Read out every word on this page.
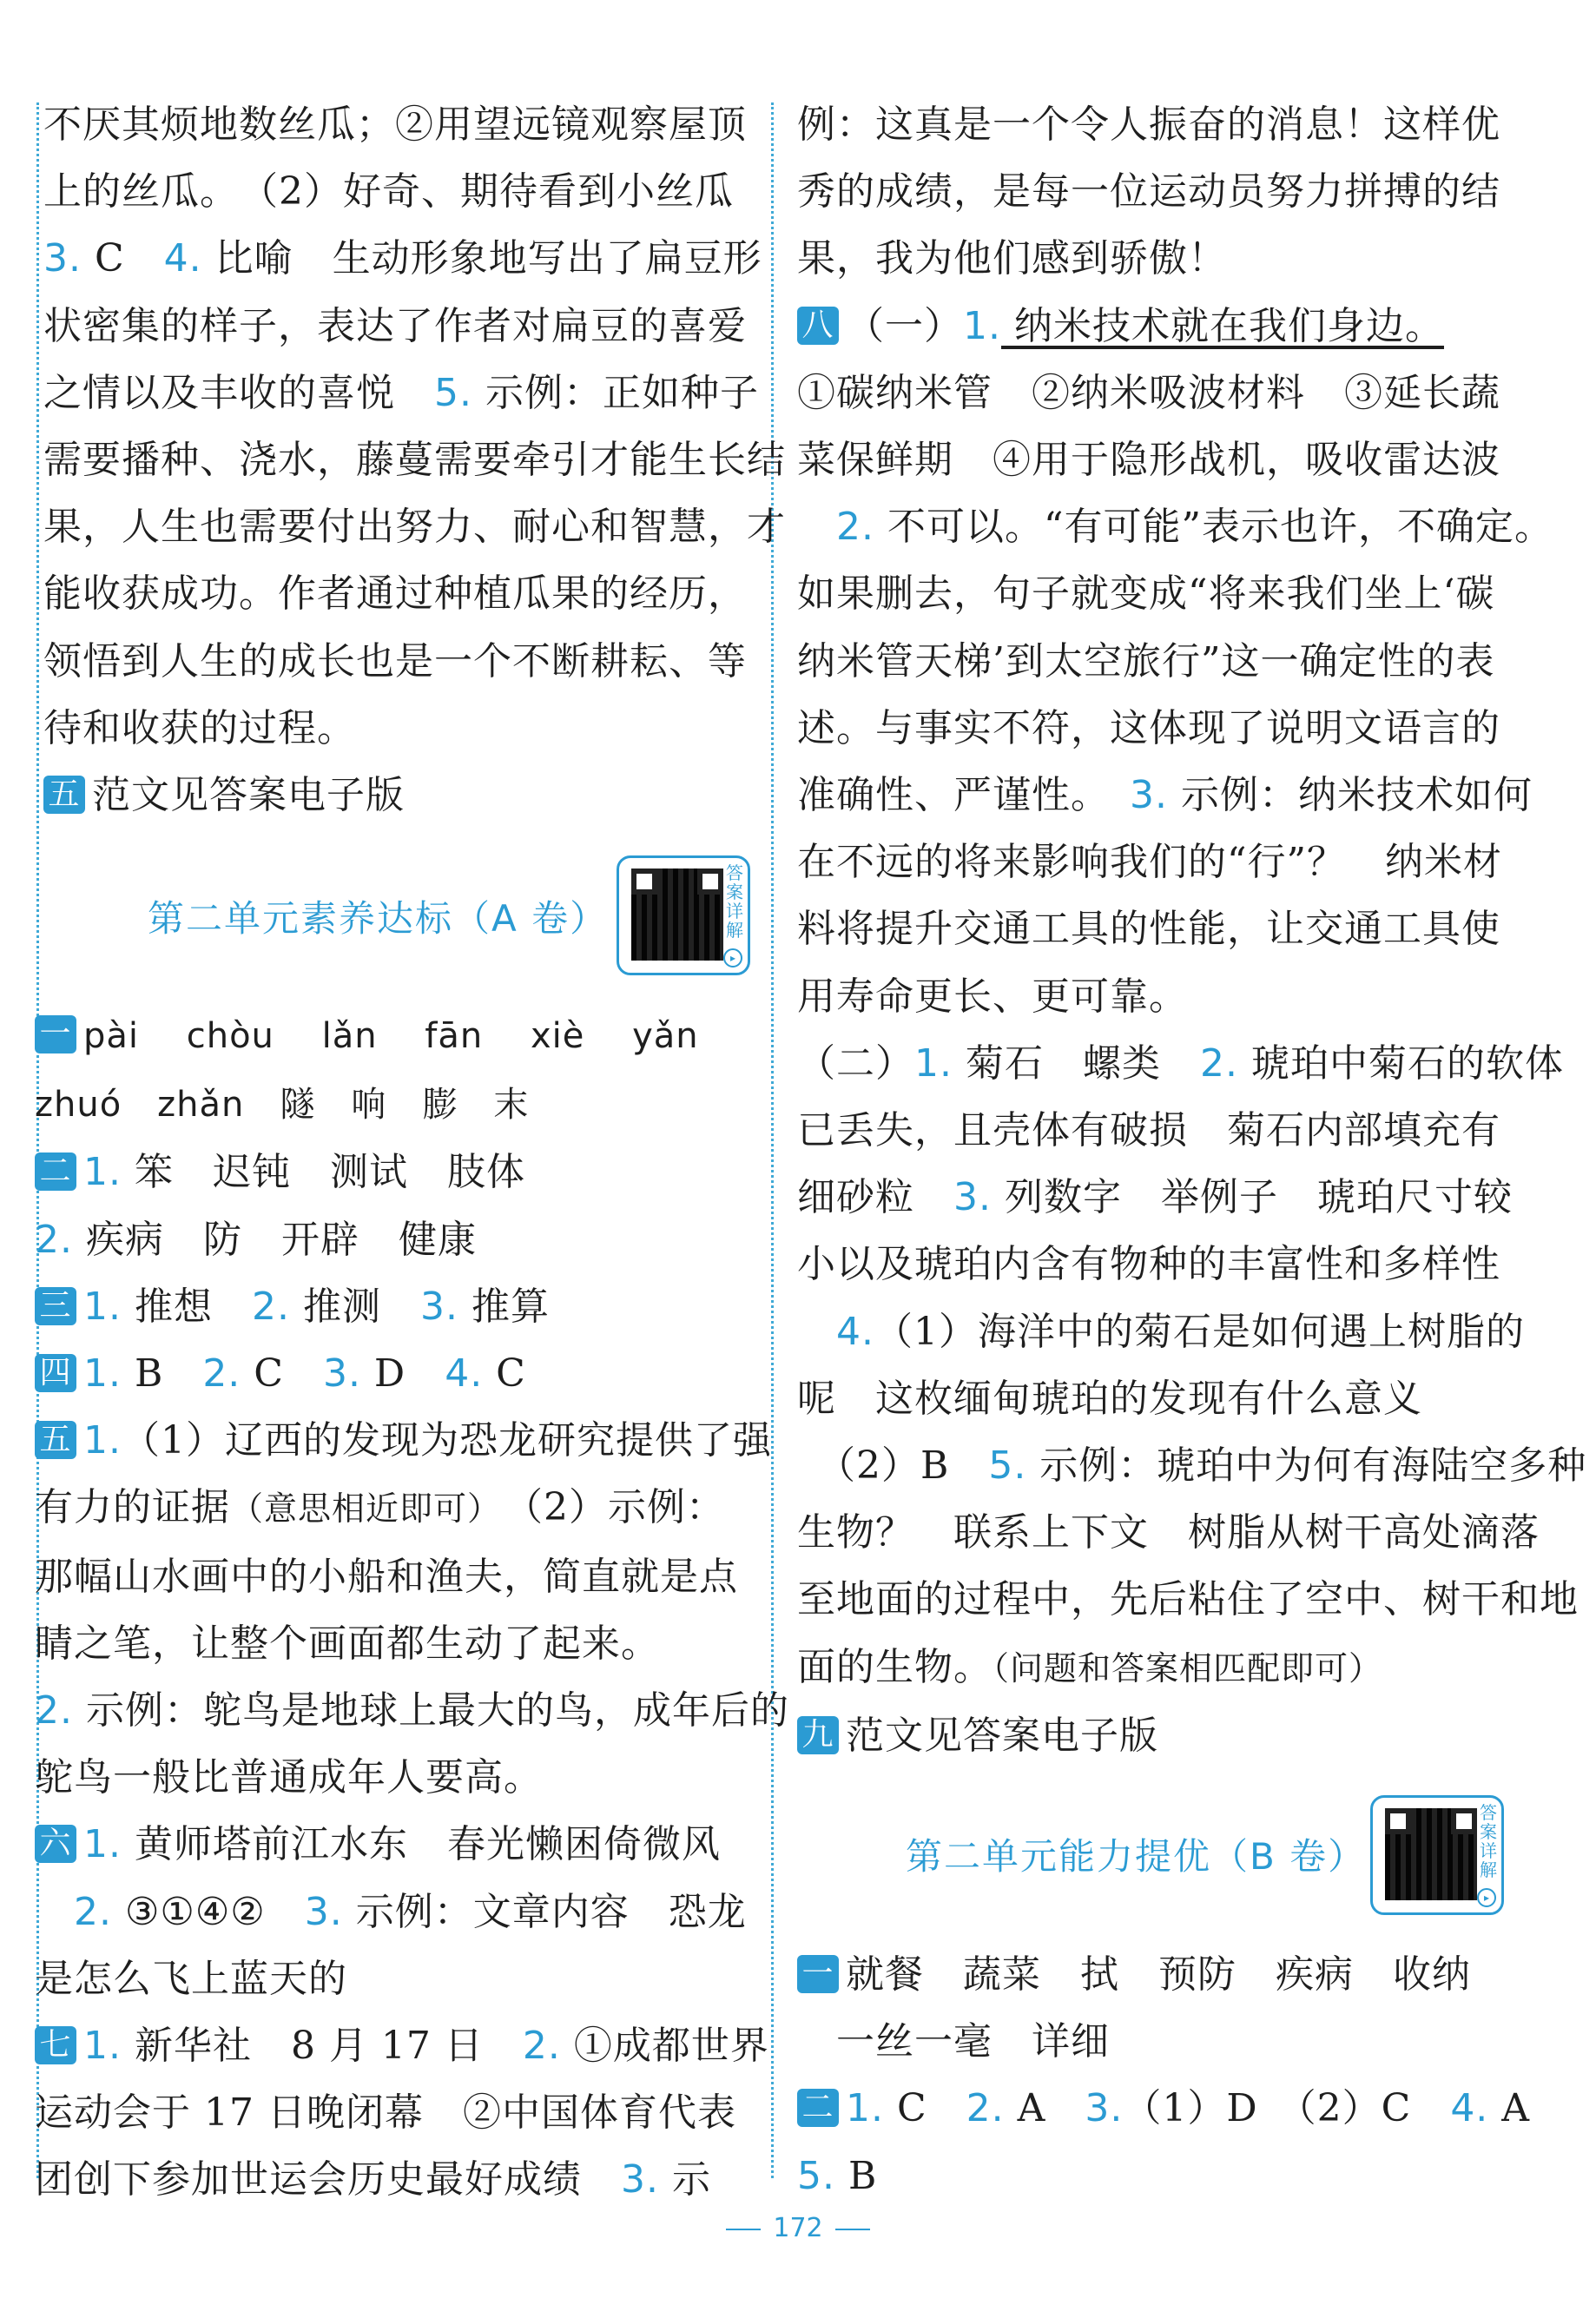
不厌其烦地数丝瓜；②用望远镜观察屋顶
上的丝瓜。　（2）好奇、期待看到小丝瓜
3. C　4. 比喻　生动形象地写出了扁豆形
状密集的样子，表达了作者对扁豆的喜爱
之情以及丰收的喜悦　5. 示例：正如种子
需要播种、浇水，藤蔓需要牵引才能生长结
果，人生也需要付出努力、耐心和智慧，才
能收获成功。作者通过种植瓜果的经历，
领悟到人生的成长也是一个不断耕耘、等
待和收获的过程。
五 范文见答案电子版
第二单元素养达标（A 卷）
答案详解
▸
一 pài　 chòu　 lǎn　 fān　 xiè　 yǎn
zhuó　zhǎn　隧　响　膨　末
二 1. 笨　迟钝　测试　肢体
2. 疾病　防　开辟　健康
三 1. 推想　2. 推测　3. 推算
四 1. B　2. C　3. D　4. C
五 1.（1）辽西的发现为恐龙研究提供了强
有力的证据（意思相近即可）　（2）示例：
那幅山水画中的小船和渔夫，简直就是点
睛之笔，让整个画面都生动了起来。
2. 示例：鸵鸟是地球上最大的鸟，成年后的
鸵鸟一般比普通成年人要高。
六 1. 黄师塔前江水东　春光懒困倚微风
　2. ③①④②　3. 示例：文章内容　恐龙
是怎么飞上蓝天的
七 1. 新华社　8 月 17 日　2. ①成都世界
运动会于 17 日晚闭幕　②中国体育代表
团创下参加世运会历史最好成绩　3. 示
例：这真是一个令人振奋的消息！这样优
秀的成绩，是每一位运动员努力拼搏的结
果，我为他们感到骄傲！
八 （一）1. 纳米技术就在我们身边。
①碳纳米管　②纳米吸波材料　③延长蔬
菜保鲜期　④用于隐形战机，吸收雷达波
　2. 不可以。“有可能”表示也许，不确定。
如果删去，句子就变成“将来我们坐上‘碳
纳米管天梯’到太空旅行”这一确定性的表
述。与事实不符，这体现了说明文语言的
准确性、严谨性。　3. 示例：纳米技术如何
在不远的将来影响我们的“行”？　纳米材
料将提升交通工具的性能，让交通工具使
用寿命更长、更可靠。
（二）1. 菊石　螺类　2. 琥珀中菊石的软体
已丢失，且壳体有破损　菊石内部填充有
细砂粒　3. 列数字　举例子　琥珀尺寸较
小以及琥珀内含有物种的丰富性和多样性
　4.（1）海洋中的菊石是如何遇上树脂的
呢　这枚缅甸琥珀的发现有什么意义
　（2）B　5. 示例：琥珀中为何有海陆空多种
生物？　联系上下文　树脂从树干高处滴落
至地面的过程中，先后粘住了空中、树干和地
面的生物。（问题和答案相匹配即可）
九 范文见答案电子版
第二单元能力提优（B 卷）
答案详解
▸
一 就餐　蔬菜　拭　预防　疾病　收纳
　一丝一毫　详细
二 1. C　2. A　3.（1）D　（2）C　4. A
5. B
172
